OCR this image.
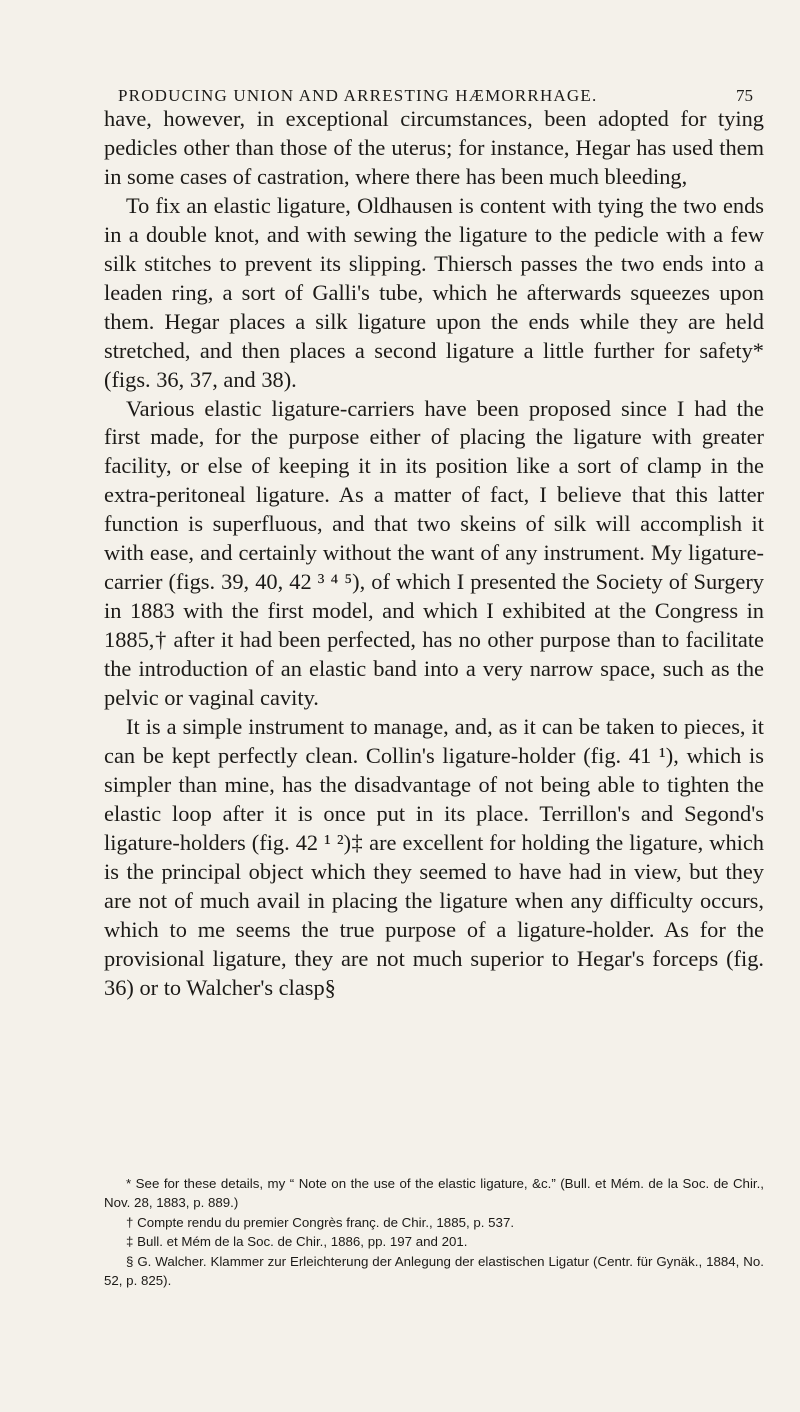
PRODUCING UNION AND ARRESTING HÆMORRHAGE.	75

have, however, in exceptional circumstances, been adopted for tying pedicles other than those of the uterus; for instance, Hegar has used them in some cases of castration, where there has been much bleeding,

To fix an elastic ligature, Oldhausen is content with tying the two ends in a double knot, and with sewing the ligature to the pedicle with a few silk stitches to prevent its slipping. Thiersch passes the two ends into a leaden ring, a sort of Galli's tube, which he afterwards squeezes upon them. Hegar places a silk ligature upon the ends while they are held stretched, and then places a second ligature a little further for safety* (figs. 36, 37, and 38).

Various elastic ligature-carriers have been proposed since I had the first made, for the purpose either of placing the ligature with greater facility, or else of keeping it in its position like a sort of clamp in the extra-peritoneal ligature. As a matter of fact, I believe that this latter function is superfluous, and that two skeins of silk will accomplish it with ease, and certainly without the want of any instrument. My ligature-carrier (figs. 39, 40, 42 ³ ⁴ ⁵), of which I presented the Society of Surgery in 1883 with the first model, and which I exhibited at the Congress in 1885,† after it had been perfected, has no other purpose than to facilitate the introduction of an elastic band into a very narrow space, such as the pelvic or vaginal cavity.

It is a simple instrument to manage, and, as it can be taken to pieces, it can be kept perfectly clean. Collin's ligature-holder (fig. 41 ¹), which is simpler than mine, has the disadvantage of not being able to tighten the elastic loop after it is once put in its place. Terrillon's and Segond's ligature-holders (fig. 42 ¹ ²)‡ are excellent for holding the ligature, which is the principal object which they seemed to have had in view, but they are not of much avail in placing the ligature when any difficulty occurs, which to me seems the true purpose of a ligature-holder. As for the provisional ligature, they are not much superior to Hegar's forceps (fig. 36) or to Walcher's clasp§

* See for these details, my “ Note on the use of the elastic ligature, &c.” (Bull. et Mém. de la Soc. de Chir., Nov. 28, 1883, p. 889.)

† Compte rendu du premier Congrès franç. de Chir., 1885, p. 537.

‡ Bull. et Mém de la Soc. de Chir., 1886, pp. 197 and 201.

§ G. Walcher. Klammer zur Erleichterung der Anlegung der elastischen Ligatur (Centr. für Gynäk., 1884, No. 52, p. 825).
